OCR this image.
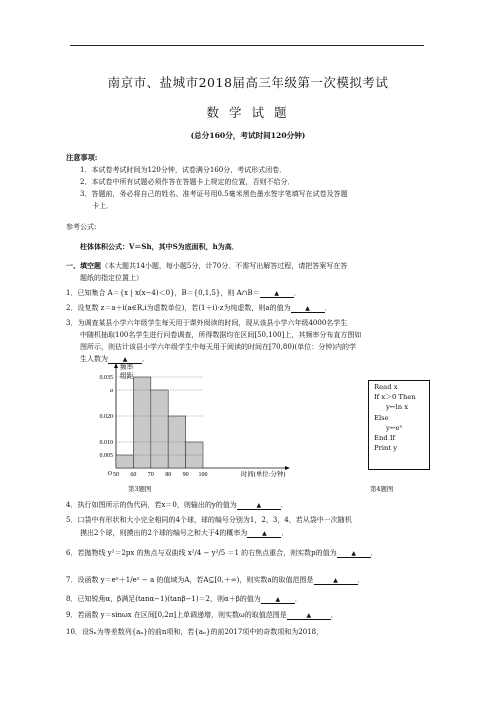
南京市、盐城市2018届高三年级第一次模拟考试
数 学 试 题
(总分160分，考试时间120分钟)
注意事项:
1．本试卷考试时间为120分钟，试卷满分160分，考试形式闭卷．
2．本试卷中所有试题必须作答在答题卡上规定的位置，否则不给分．
3．答题前，务必将自己的姓名、准考证号用0.5毫米黑色墨水签字笔填写在试卷及答题
卡上．
参考公式:
柱体体积公式：V＝Sh，其中S为底面积，h为高．
一、填空题（本大题共14小题，每小题5分，计70分．不需写出解答过程，请把答案写在答
题纸的指定位置上）
1．已知集合 A＝{x | x(x−4)＜0}，B＝{0,1,5}，则 A∩B＝ ▲ ．
2．设复数 z＝a＋i(a∈R,i为虚数单位)，若(1＋i)·z为纯虚数，则a的值为 ▲ ．
3．为调查某县小学六年级学生每天用于课外阅读的时间，现从该县小学六年级4000名学生
中随机抽取100名学生进行问卷调查，所得数据均在区间[50,100]上，其频率分布直方图如
图所示，则估计该县小学六年级学生中每天用于阅读的时间在[70,80)(单位：分钟)内的学
生人数为 ▲ ．
0.035
a
0.020
0.010
0.005
50 60 70 80 90 100
O
频率 组距
时间(单位:分钟)
Read x
If x＞0 Then
y←ln x
Else
y←eˣ
End If
Print y
第3题图	第4题图
4．执行如图所示的伪代码，若x＝0，则输出的y的值为	▲	．
5．口袋中有形状和大小完全相同的4个球，球的编号分别为1，2，3，4，若从袋中一次随机
摸出2个球，则摸出的2个球的编号之和大于4的概率为 ▲ ．
6．若抛物线 y²＝2px 的焦点与双曲线 x²/4 − y²/5 ＝1 的右焦点重合，则实数p的值为 ▲ ．
7．设函数 y＝eˣ＋1/eˣ − a 的值域为A，若A⊆[0,＋∞)，则实数a的取值范围是	▲	．
8．已知锐角α，β满足(tanα−1)(tanβ−1)＝2，则α＋β的值为 ▲ ．
9．若函数 y＝sinωx 在区间[0,2π]上单调递增，则实数ω的取值范围是	▲	．
10．设Sₙ为等差数列{aₙ}的前n项和，若{aₙ}的前2017项中的奇数项和为2018，
